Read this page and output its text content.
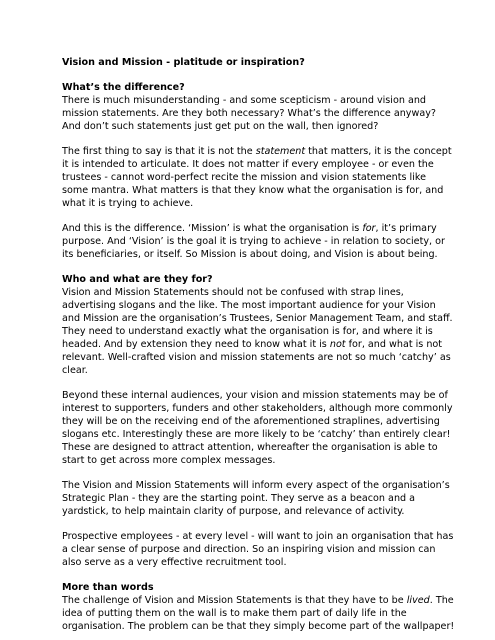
Vision and Mission - platitude or inspiration?
What’s the difference?

There is much misunderstanding - and some scepticism - around vision and mission statements. Are they both necessary? What’s the difference anyway? And don’t such statements just get put on the wall, then ignored?

The first thing to say is that it is not the statement that matters, it is the concept it is intended to articulate. It does not matter if every employee - or even the trustees - cannot word-perfect recite the mission and vision statements like some mantra. What matters is that they know what the organisation is for, and what it is trying to achieve.

And this is the difference. ‘Mission’ is what the organisation is for, it’s primary purpose. And ‘Vision’ is the goal it is trying to achieve - in relation to society, or its beneficiaries, or itself. So Mission is about doing, and Vision is about being.

Who and what are they for?

Vision and Mission Statements should not be confused with strap lines, advertising slogans and the like. The most important audience for your Vision and Mission are the organisation’s Trustees, Senior Management Team, and staff. They need to understand exactly what the organisation is for, and where it is headed. And by extension they need to know what it is not for, and what is not relevant. Well-crafted vision and mission statements are not so much ‘catchy’ as clear.

Beyond these internal audiences, your vision and mission statements may be of interest to supporters, funders and other stakeholders, although more commonly they will be on the receiving end of the aforementioned straplines, advertising slogans etc. Interestingly these are more likely to be ‘catchy’ than entirely clear! These are designed to attract attention, whereafter the organisation is able to start to get across more complex messages.

The Vision and Mission Statements will inform every aspect of the organisation’s Strategic Plan - they are the starting point. They serve as a beacon and a yardstick, to help maintain clarity of purpose, and relevance of activity.

Prospective employees - at every level - will want to join an organisation that has a clear sense of purpose and direction. So an inspiring vision and mission can also serve as a very effective recruitment tool.

More than words

The challenge of Vision and Mission Statements is that they have to be lived. The idea of putting them on the wall is to make them part of daily life in the organisation. The problem can be that they simply become part of the wallpaper!
